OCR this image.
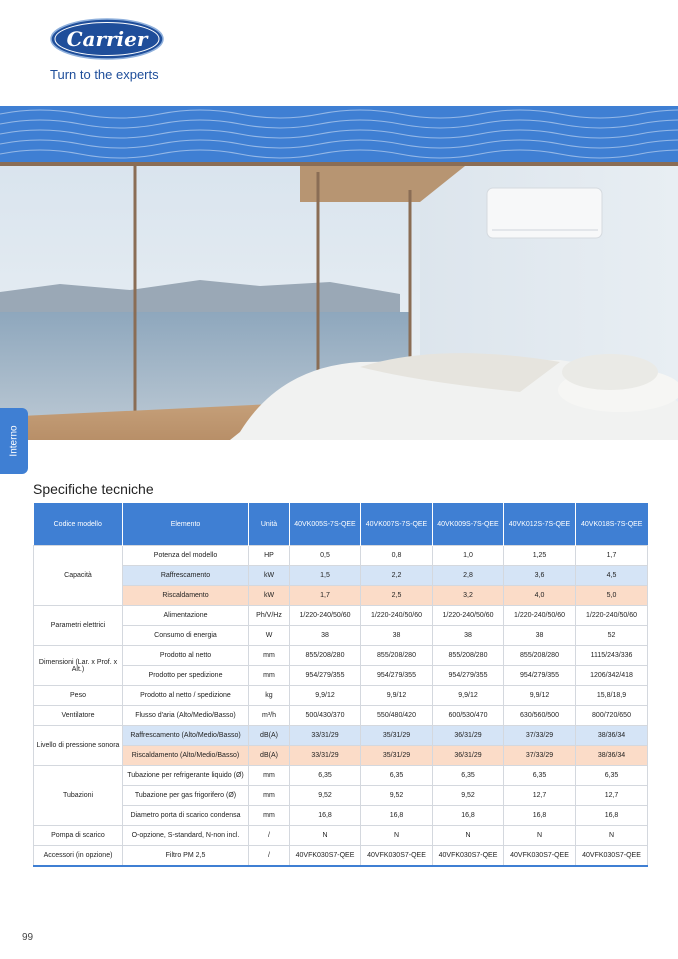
Carrier
Turn to the experts
Interno
Specifiche tecniche
Codice modello	Elemento	Unità	40VK005S-7S-QEE	40VK007S-7S-QEE	40VK009S-7S-QEE	40VK012S-7S-QEE	40VK018S-7S-QEE
Capacità	Potenza del modello	HP	0,5	0,8	1,0	1,25	1,7
	Raffrescamento	kW	1,5	2,2	2,8	3,6	4,5
	Riscaldamento	kW	1,7	2,5	3,2	4,0	5,0
Parametri elettrici	Alimentazione	Ph/V/Hz	1/220-240/50/60	1/220-240/50/60	1/220-240/50/60	1/220-240/50/60	1/220-240/50/60
	Consumo di energia	W	38	38	38	38	52
Dimensioni (Lar. x Prof. x Alt.)	Prodotto al netto	mm	855/208/280	855/208/280	855/208/280	855/208/280	1115/243/336
	Prodotto per spedizione	mm	954/279/355	954/279/355	954/279/355	954/279/355	1206/342/418
Peso	Prodotto al netto / spedizione	kg	9,9/12	9,9/12	9,9/12	9,9/12	15,8/18,9
Ventilatore	Flusso d'aria (Alto/Medio/Basso)	m³/h	500/430/370	550/480/420	600/530/470	630/560/500	800/720/650
Livello di pressione sonora	Raffrescamento (Alto/Medio/Basso)	dB(A)	33/31/29	35/31/29	36/31/29	37/33/29	38/36/34
	Riscaldamento (Alto/Medio/Basso)	dB(A)	33/31/29	35/31/29	36/31/29	37/33/29	38/36/34
Tubazioni	Tubazione per refrigerante liquido (Ø)	mm	6,35	6,35	6,35	6,35	6,35
	Tubazione per gas frigorifero (Ø)	mm	9,52	9,52	9,52	12,7	12,7
	Diametro porta di scarico condensa	mm	16,8	16,8	16,8	16,8	16,8
Pompa di scarico	O-opzione, S-standard, N-non incl.	/	N	N	N	N	N
Accessori (in opzione)	Filtro PM 2,5	/	40VFK030S7-QEE	40VFK030S7-QEE	40VFK030S7-QEE	40VFK030S7-QEE	40VFK030S7-QEE
99
